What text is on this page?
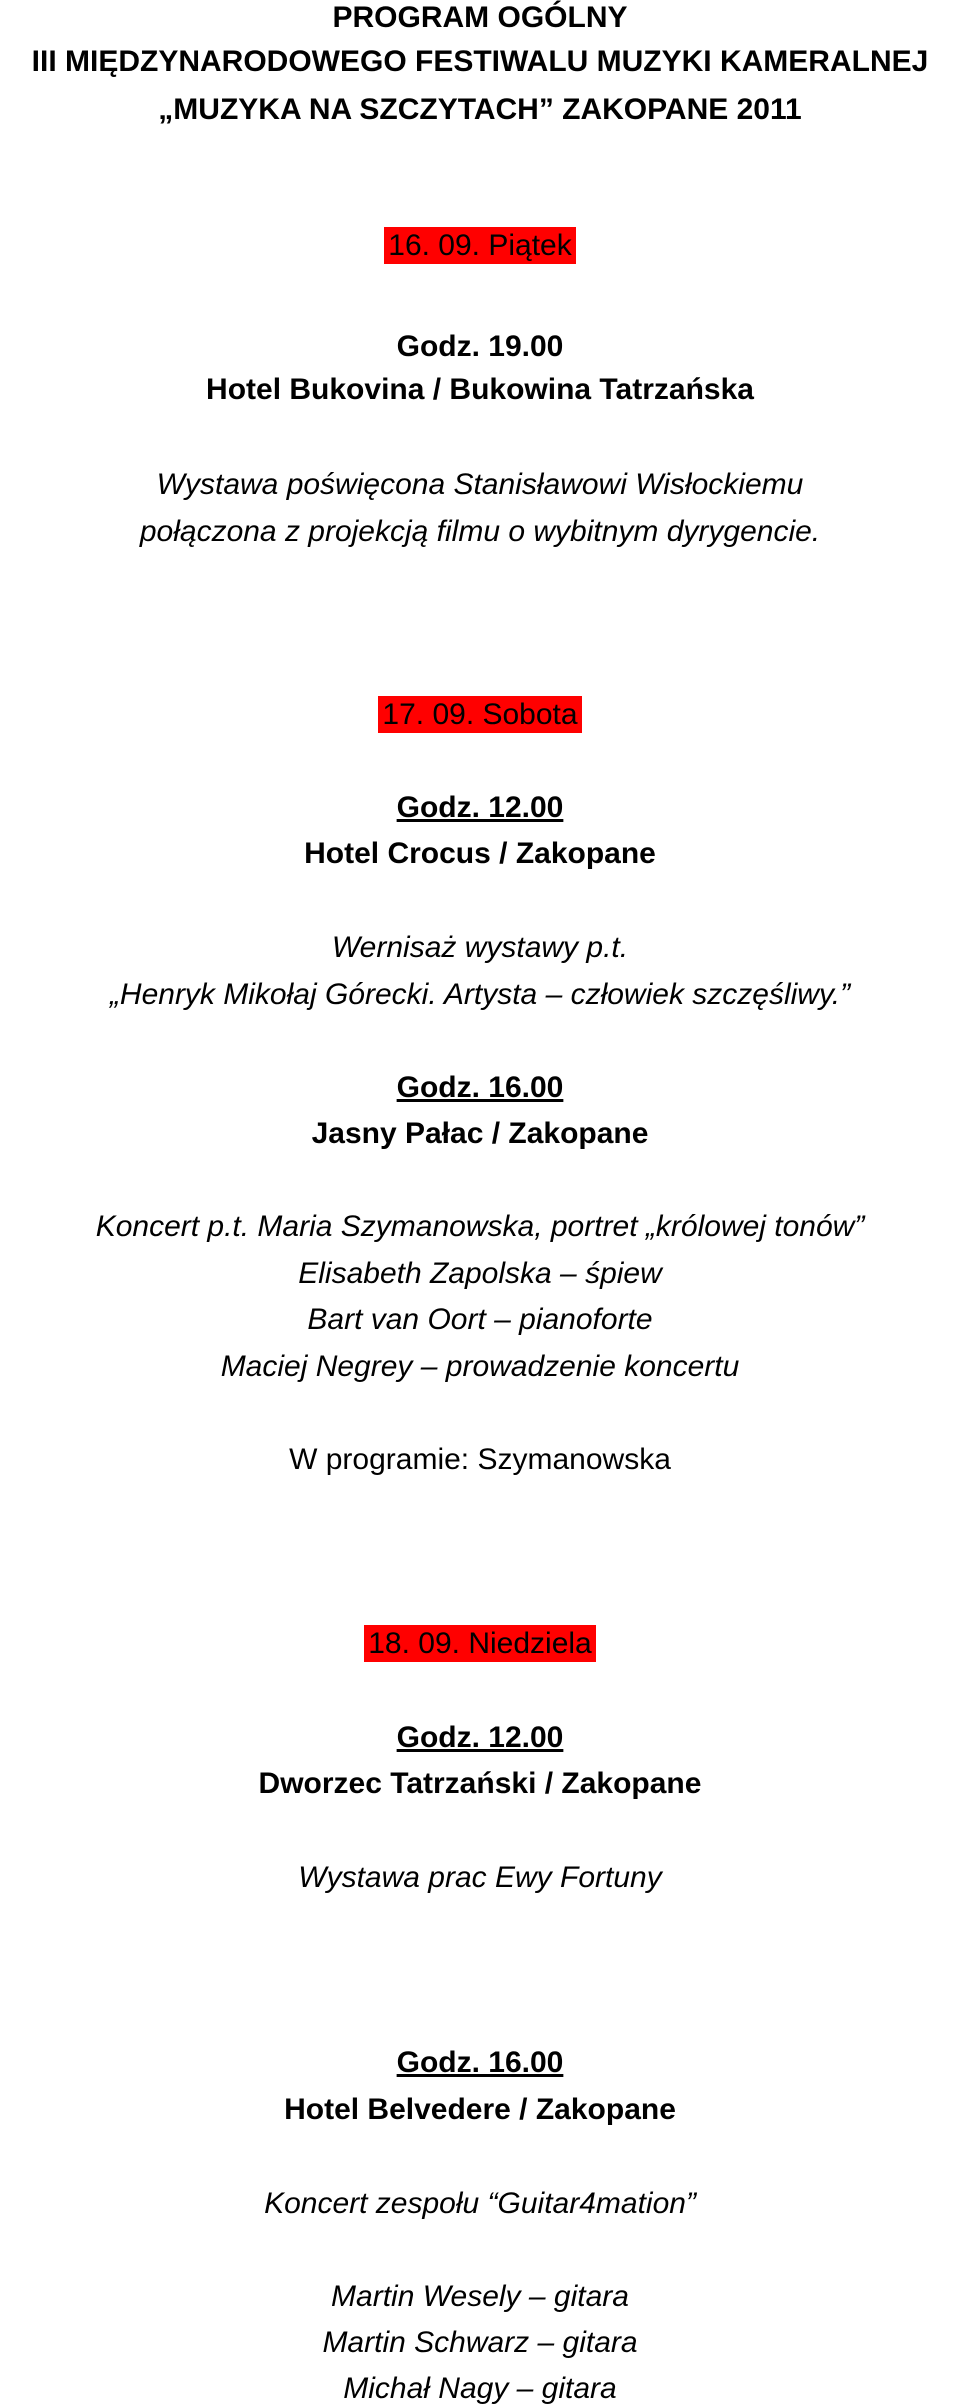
PROGRAM OGÓLNY
III MIĘDZYNARODOWEGO FESTIWALU MUZYKI KAMERALNEJ
„MUZYKA NA SZCZYTACH” ZAKOPANE 2011
16. 09. Piątek
Godz. 19.00
Hotel Bukovina / Bukowina Tatrzańska
Wystawa poświęcona Stanisławowi Wisłockiemu
połączona z projekcją filmu o wybitnym dyrygencie.
17. 09. Sobota
Godz. 12.00
Hotel Crocus / Zakopane
Wernisaż wystawy p.t.
„Henryk Mikołaj Górecki. Artysta – człowiek szczęśliwy.”
Godz. 16.00
Jasny Pałac / Zakopane
Koncert p.t. Maria Szymanowska, portret „królowej tonów”
Elisabeth Zapolska – śpiew
Bart van Oort – pianoforte
Maciej Negrey – prowadzenie koncertu
W programie: Szymanowska
18. 09. Niedziela
Godz. 12.00
Dworzec Tatrzański / Zakopane
Wystawa prac Ewy Fortuny
Godz. 16.00
Hotel Belvedere / Zakopane
Koncert zespołu “Guitar4mation”
Martin Wesely – gitara
Martin Schwarz – gitara
Michał Nagy – gitara
